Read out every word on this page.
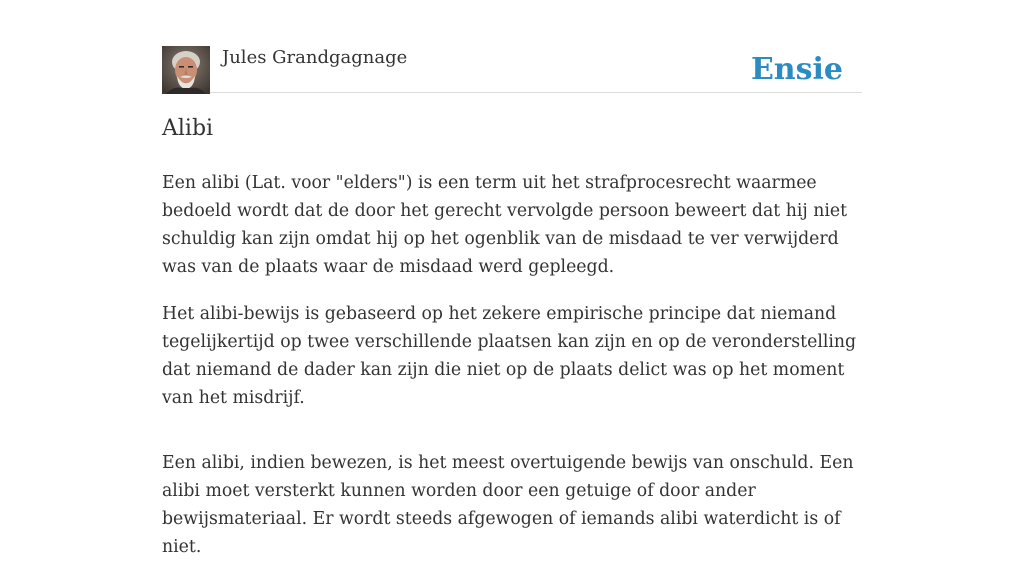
Jules Grandgagnage	Ensie
Alibi

Een alibi (Lat. voor "elders") is een term uit het strafprocesrecht waarmee bedoeld wordt dat de door het gerecht vervolgde persoon beweert dat hij niet schuldig kan zijn omdat hij op het ogenblik van de misdaad te ver verwijderd was van de plaats waar de misdaad werd gepleegd.

Het alibi-bewijs is gebaseerd op het zekere empirische principe dat niemand tegelijkertijd op twee verschillende plaatsen kan zijn en op de veronderstelling dat niemand de dader kan zijn die niet op de plaats delict was op het moment van het misdrijf.

Een alibi, indien bewezen, is het meest overtuigende bewijs van onschuld. Een alibi moet versterkt kunnen worden door een getuige of door ander bewijsmateriaal. Er wordt steeds afgewogen of iemands alibi waterdicht is of niet.
